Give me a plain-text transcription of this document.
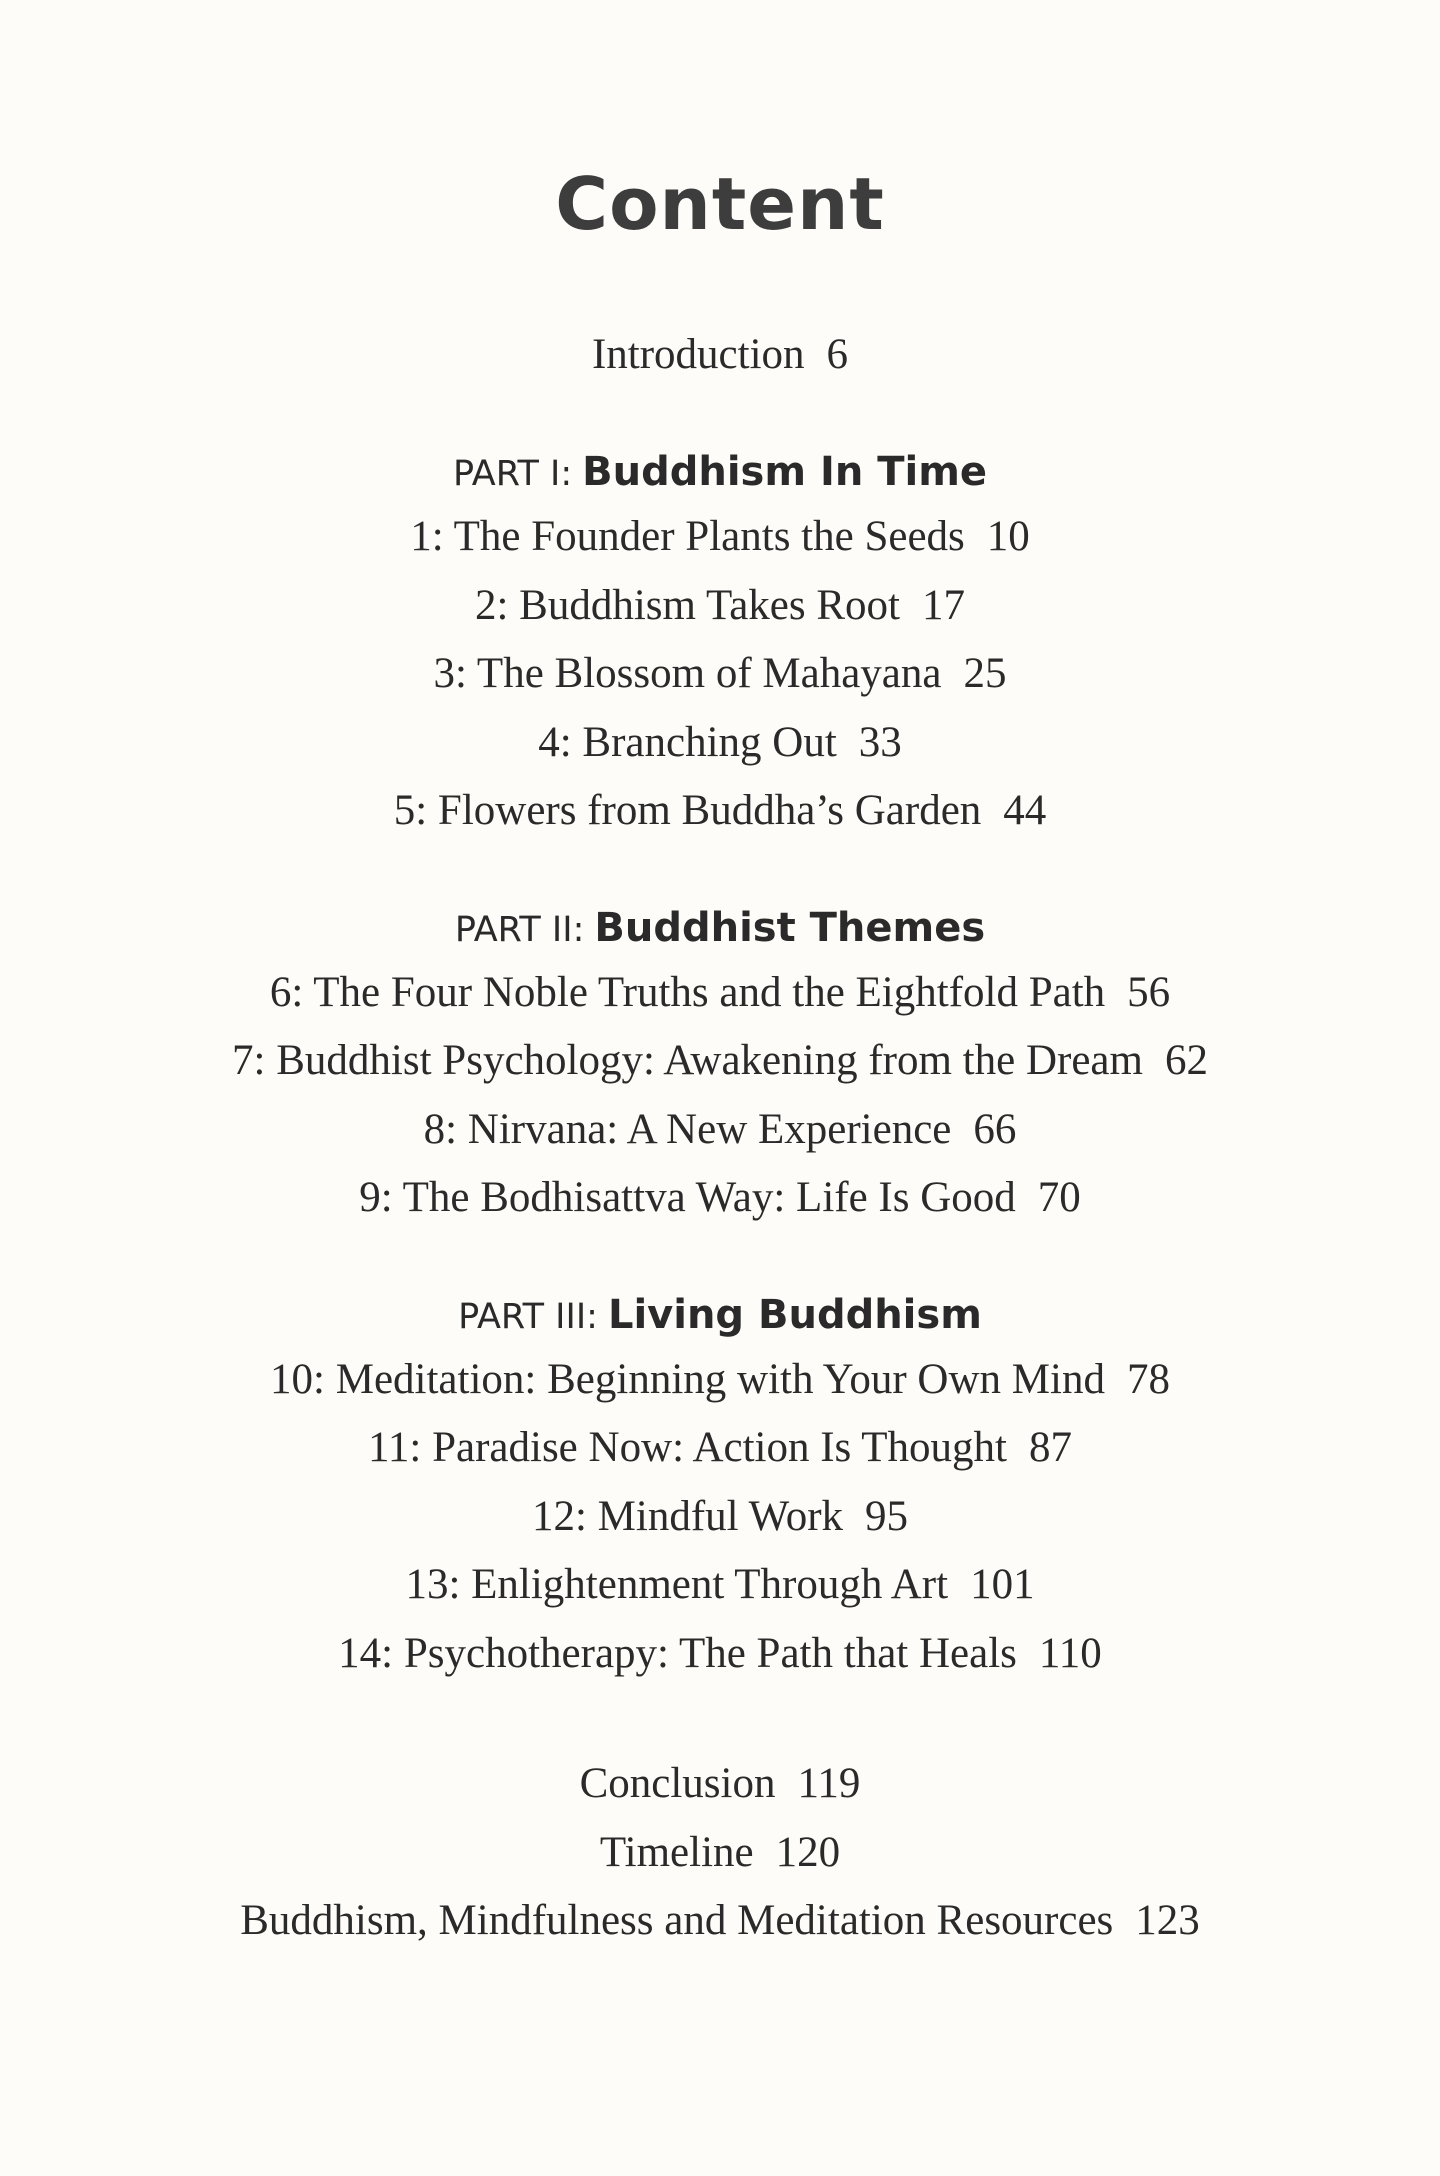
Content
Introduction 6
PART I: Buddhism In Time
1: The Founder Plants the Seeds 10
2: Buddhism Takes Root 17
3: The Blossom of Mahayana 25
4: Branching Out 33
5: Flowers from Buddha’s Garden 44
PART II: Buddhist Themes
6: The Four Noble Truths and the Eightfold Path 56
7: Buddhist Psychology: Awakening from the Dream 62
8: Nirvana: A New Experience 66
9: The Bodhisattva Way: Life Is Good 70
PART III: Living Buddhism
10: Meditation: Beginning with Your Own Mind 78
11: Paradise Now: Action Is Thought 87
12: Mindful Work 95
13: Enlightenment Through Art 101
14: Psychotherapy: The Path that Heals 110
Conclusion 119
Timeline 120
Buddhism, Mindfulness and Meditation Resources 123
